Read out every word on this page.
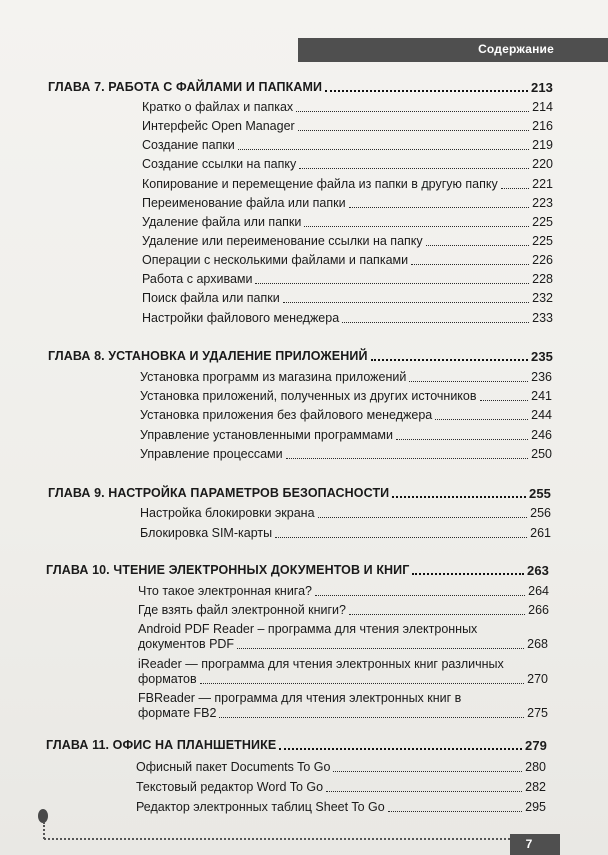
Содержание
ГЛАВА 7. РАБОТА С ФАЙЛАМИ И ПАПКАМИ	213
Кратко о файлах и папках	214
Интерфейс Open Manager	216
Создание папки	219
Создание ссылки на папку	220
Копирование и перемещение файла из папки в другую папку	221
Переименование файла или папки	223
Удаление файла или папки	225
Удаление или переименование ссылки на папку	225
Операции с несколькими файлами и папками	226
Работа с архивами	228
Поиск файла или папки	232
Настройки файлового менеджера	233
ГЛАВА 8. УСТАНОВКА И УДАЛЕНИЕ ПРИЛОЖЕНИЙ	235
Установка программ из магазина приложений	236
Установка приложений, полученных из других источников	241
Установка приложения без файлового менеджера	244
Управление установленными программами	246
Управление процессами	250
ГЛАВА 9. НАСТРОЙКА ПАРАМЕТРОВ БЕЗОПАСНОСТИ	255
Настройка блокировки экрана	256
Блокировка SIM-карты	261
ГЛАВА 10. ЧТЕНИЕ ЭЛЕКТРОННЫХ ДОКУМЕНТОВ И КНИГ	263
Что такое электронная книга?	264
Где взять файл электронной книги?	266
Android PDF Reader – программа для чтения электронных
документов PDF	268
iReader — программа для чтения электронных книг различных
форматов	270
FBReader — программа для чтения электронных книг в
формате FB2	275
ГЛАВА 11. ОФИС НА ПЛАНШЕТНИКЕ	279
Офисный пакет Documents To Go	280
Текстовый редактор Word To Go	282
Редактор электронных таблиц Sheet To Go	295
7
